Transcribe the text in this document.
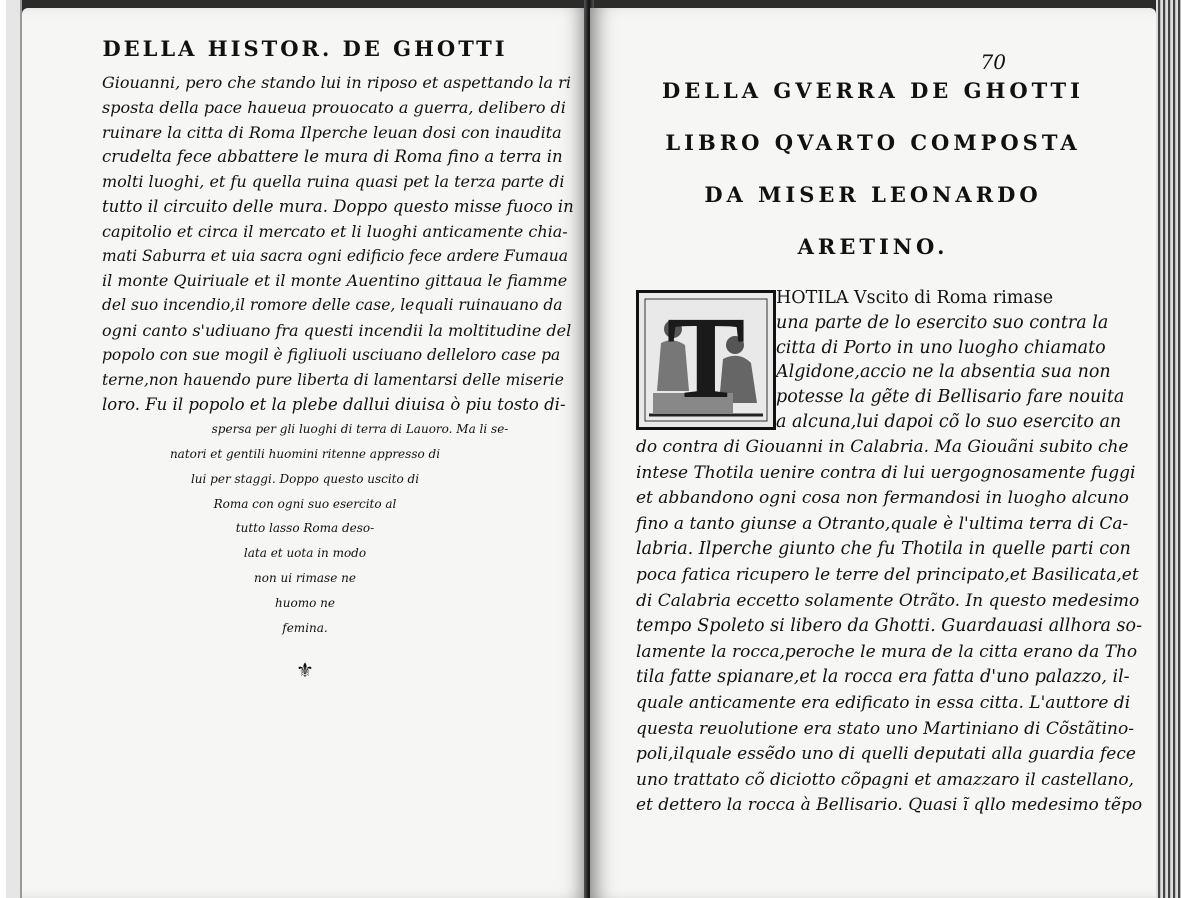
DELLA HISTOR. DE GHOTTI
Giouanni, pero che stando lui in riposo et aspettando la ri
sposta della pace haueua prouocato a guerra, delibero di
ruinare la citta di Roma Ilperche leuan dosi con inaudita
crudelta fece abbattere le mura di Roma fino a terra in
molti luoghi, et fu quella ruina quasi pet la terza parte di
tutto il circuito delle mura. Doppo questo misse fuoco in
capitolio et circa il mercato et li luoghi anticamente chia-
mati Saburra et uia sacra ogni edificio fece ardere Fumaua
il monte Quiriuale et il monte Auentino gittaua le fiamme
del suo incendio,il romore delle case, lequali ruinauano da
ogni canto s'udiuano fra questi incendii la moltitudine del
popolo con sue mogil è figliuoli usciuano delleloro case pa
terne,non hauendo pure liberta di lamentarsi delle miserie
loro. Fu il popolo et la plebe dallui diuisa ò piu tosto di-
spersa per gli luoghi di terra di Lauoro. Ma li se-
natori et gentili huomini ritenne appresso di
lui per staggi. Doppo questo uscito di
Roma con ogni suo esercito al
tutto lasso Roma deso-
lata et uota in modo
non ui rimase ne
huomo ne
femina.
⚜
70
DELLA GVERRA DE GHOTTI
LIBRO QVARTO COMPOSTA
DA MISER LEONARDO
ARETINO.
T	HOTILA Vscito di Roma rimase
una parte de lo esercito suo contra la
citta di Porto in uno luogho chiamato
Algidone,accio ne la absentia sua non
potesse la gẽte di Bellisario fare nouita
a alcuna,lui dapoi cõ lo suo esercito an
do contra di Giouanni in Calabria. Ma Giouãni subito che
intese Thotila uenire contra di lui uergognosamente fuggi
et abbandono ogni cosa non fermandosi in luogho alcuno
fino a tanto giunse a Otranto,quale è l'ultima terra di Ca-
labria. Ilperche giunto che fu Thotila in quelle parti con
poca fatica ricupero le terre del principato,et Basilicata,et
di Calabria eccetto solamente Otrãto. In questo medesimo
tempo Spoleto si libero da Ghotti. Guardauasi allhora so-
lamente la rocca,peroche le mura de la citta erano da Tho
tila fatte spianare,et la rocca era fatta d'uno palazzo, il-
quale anticamente era edificato in essa citta. L'auttore di
questa reuolutione era stato uno Martiniano di Cõstãtino-
poli,ilquale essẽdo uno di quelli deputati alla guardia fece
uno trattato cõ diciotto cõpagni et amazzaro il castellano,
et dettero la rocca à Bellisario. Quasi ĩ qllo medesimo tẽpo
